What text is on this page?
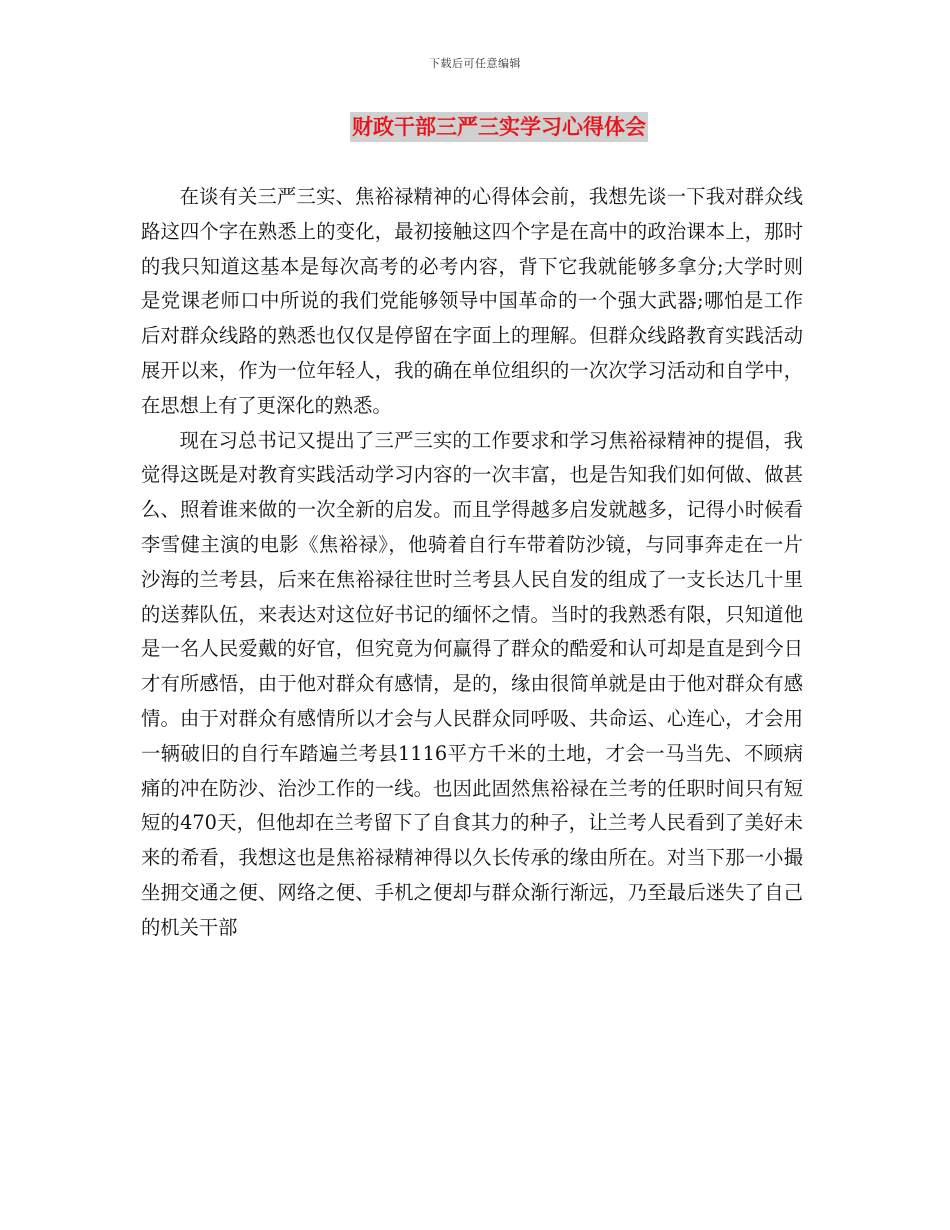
下载后可任意编辑
财政干部三严三实学习心得体会

在谈有关三严三实、焦裕禄精神的心得体会前，我想先谈一下我对群众线路这四个字在熟悉上的变化，最初接触这四个字是在高中的政治课本上，那时的我只知道这基本是每次高考的必考内容，背下它我就能够多拿分;大学时则是党课老师口中所说的我们党能够领导中国革命的一个强大武器;哪怕是工作后对群众线路的熟悉也仅仅是停留在字面上的理解。但群众线路教育实践活动展开以来，作为一位年轻人，我的确在单位组织的一次次学习活动和自学中，在思想上有了更深化的熟悉。

现在习总书记又提出了三严三实的工作要求和学习焦裕禄精神的提倡，我觉得这既是对教育实践活动学习内容的一次丰富，也是告知我们如何做、做甚么、照着谁来做的一次全新的启发。而且学得越多启发就越多，记得小时候看李雪健主演的电影《焦裕禄》，他骑着自行车带着防沙镜，与同事奔走在一片沙海的兰考县，后来在焦裕禄往世时兰考县人民自发的组成了一支长达几十里的送葬队伍，来表达对这位好书记的缅怀之情。当时的我熟悉有限，只知道他是一名人民爱戴的好官，但究竟为何赢得了群众的酷爱和认可却是直是到今日才有所感悟，由于他对群众有感情，是的，缘由很简单就是由于他对群众有感情。由于对群众有感情所以才会与人民群众同呼吸、共命运、心连心，才会用一辆破旧的自行车踏遍兰考县1116平方千米的土地，才会一马当先、不顾病痛的冲在防沙、治沙工作的一线。也因此固然焦裕禄在兰考的任职时间只有短短的470天，但他却在兰考留下了自食其力的种子，让兰考人民看到了美好未来的希看，我想这也是焦裕禄精神得以久长传承的缘由所在。对当下那一小撮坐拥交通之便、网络之便、手机之便却与群众渐行渐远，乃至最后迷失了自己的机关干部
